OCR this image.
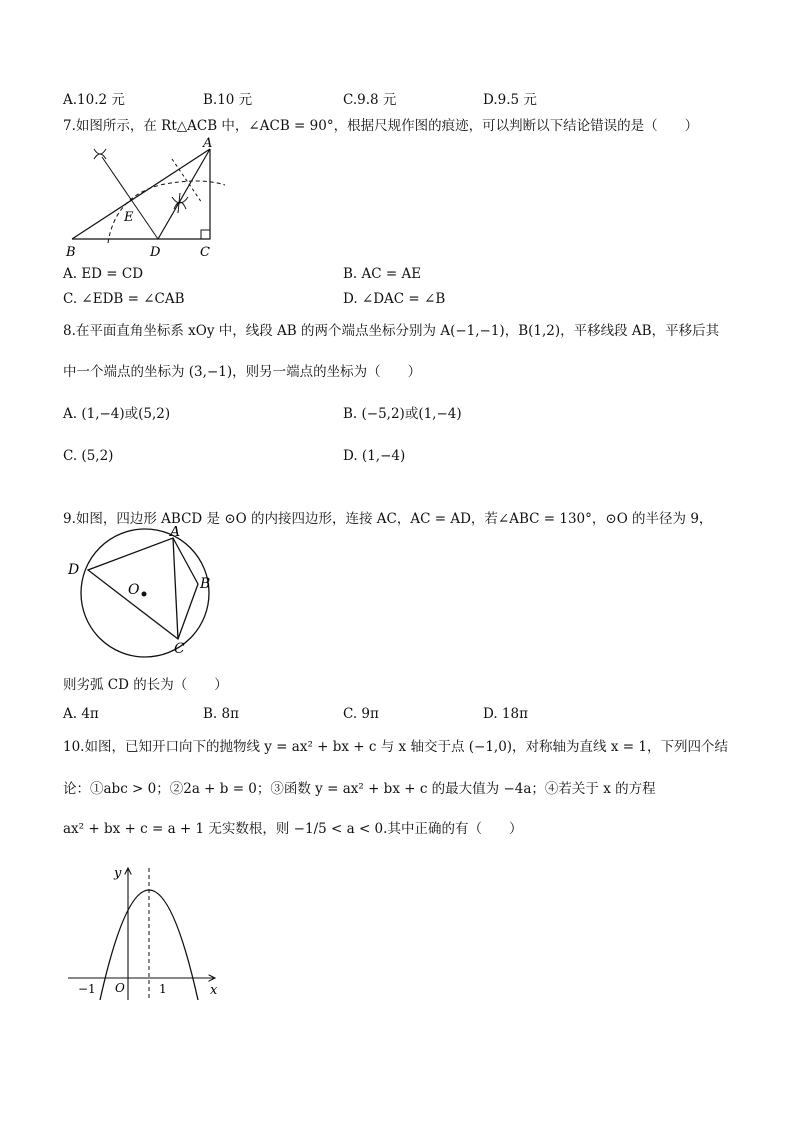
A.10.2 元	B.10 元	C.9.8 元	D.9.5 元
7.如图所示，在 Rt△ACB 中，∠ACB = 90°，根据尺规作图的痕迹，可以判断以下结论错误的是（　　）
A
B	C
D
E
A. ED = CD	B. AC = AE
C. ∠EDB = ∠CAB	D. ∠DAC = ∠B
8.在平面直角坐标系 xOy 中，线段 AB 的两个端点坐标分别为 A(−1,−1)，B(1,2)，平移线段 AB，平移后其
中一个端点的坐标为 (3,−1)，则另一端点的坐标为（　　）
A. (1,−4)或(5,2)	B. (−5,2)或(1,−4)
C. (5,2)	D. (1,−4)
9.如图，四边形 ABCD 是 ⊙O 的内接四边形，连接 AC，AC = AD，若∠ABC = 130°，⊙O 的半径为 9，
A
B
C
D
O
则劣弧 CD 的长为（　　）
A. 4π	B. 8π	C. 9π	D. 18π
10.如图，已知开口向下的抛物线 y = ax² + bx + c 与 x 轴交于点 (−1,0)，对称轴为直线 x = 1，下列四个结
论：①abc > 0；②2a + b = 0；③函数 y = ax² + bx + c 的最大值为 −4a；④若关于 x 的方程
ax² + bx + c = a + 1 无实数根，则 −1/5 < a < 0.其中正确的有（　　）
y
x
O
−1	1
